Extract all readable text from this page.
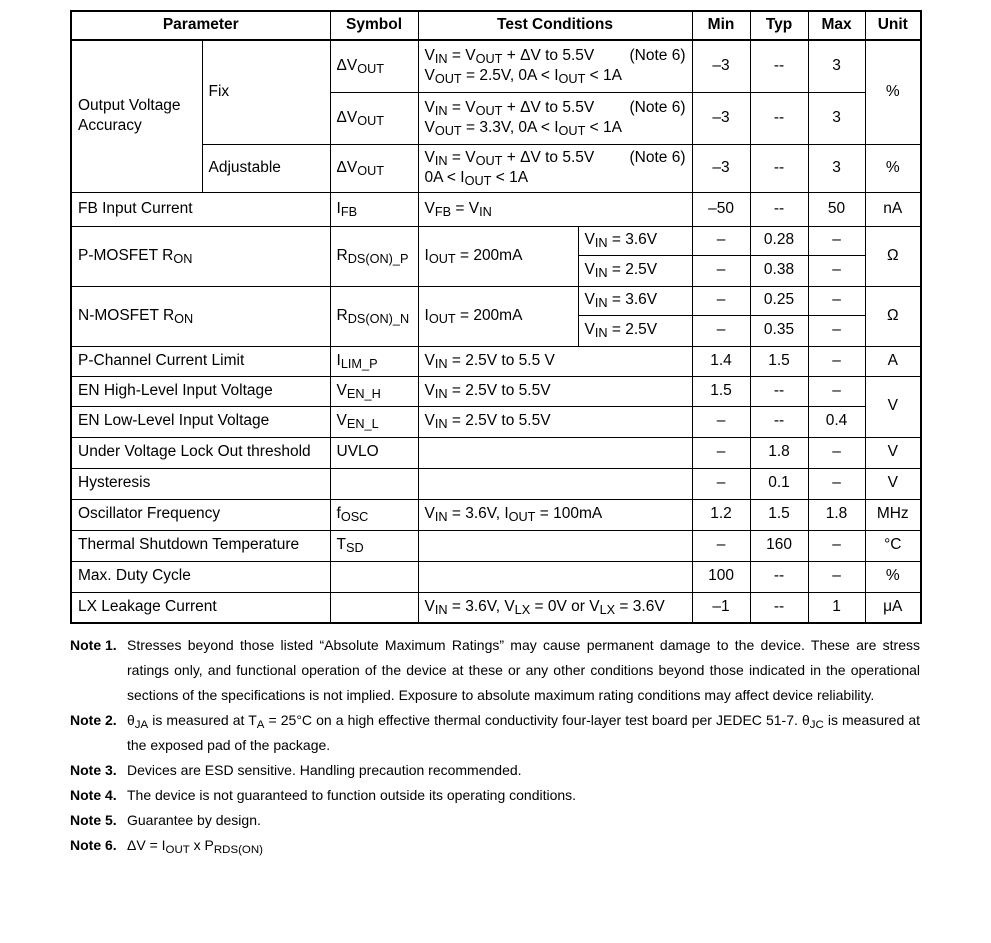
Parameter		Symbol	Test Conditions		Min	Typ	Max	Unit
Output Voltage Accuracy	Fix	$\Delta V_{OUT}$	$V_{IN} = V_{OUT} + \Delta V$ to 5.5V (Note 6)
$V_{OUT} = 2.5V$, $0A < I_{OUT} < 1A$		–3	--	3	%
		$\Delta V_{OUT}$	$V_{IN} = V_{OUT} + \Delta V$ to 5.5V (Note 6)
$V_{OUT} = 3.3V$, $0A < I_{OUT} < 1A$		–3	--	3	
	Adjustable	$\Delta V_{OUT}$	$V_{IN} = V_{OUT} + \Delta V$ to 5.5V (Note 6)
$0A < I_{OUT} < 1A$		–3	--	3	%
FB Input Current		$I_{FB}$	$V_{FB} = V_{IN}$		–50	--	50	nA
P-MOSFET $R_{ON}$		$R_{DS(ON)\_P}$	$I_{OUT} = 200mA$	$V_{IN} = 3.6V$	–	0.28	–	Ω
				$V_{IN} = 2.5V$	–	0.38	–	
N-MOSFET $R_{ON}$		$R_{DS(ON)\_N}$	$I_{OUT} = 200mA$	$V_{IN} = 3.6V$	–	0.25	–	Ω
				$V_{IN} = 2.5V$	–	0.35	–	
P-Channel Current Limit		$I_{LIM\_P}$	$V_{IN} = 2.5V$ to 5.5 V		1.4	1.5	–	A
EN High-Level Input Voltage		$V_{EN\_H}$	$V_{IN} = 2.5V$ to 5.5V		1.5	--	–	V
EN Low-Level Input Voltage		$V_{EN\_L}$	$V_{IN} = 2.5V$ to 5.5V		–	--	0.4	
Under Voltage Lock Out threshold		UVLO			–	1.8	–	V
Hysteresis					–	0.1	–	V
Oscillator Frequency		$f_{OSC}$	$V_{IN} = 3.6V$, $I_{OUT} = 100mA$		1.2	1.5	1.8	MHz
Thermal Shutdown Temperature		$T_{SD}$			–	160	–	°C
Max. Duty Cycle					100	--	–	%
LX Leakage Current			$V_{IN} = 3.6V$, $V_{LX} = 0V$ or $V_{LX} = 3.6V$		–1	--	1	μA
Note 1. Stresses beyond those listed “Absolute Maximum Ratings” may cause permanent damage to the device. These are stress ratings only, and functional operation of the device at these or any other conditions beyond those indicated in the operational sections of the specifications is not implied. Exposure to absolute maximum rating conditions may affect device reliability.
Note 2. $\theta_{JA}$ is measured at $T_A = 25^\circ C$ on a high effective thermal conductivity four-layer test board per JEDEC 51-7. $\theta_{JC}$ is measured at the exposed pad of the package.
Note 3. Devices are ESD sensitive. Handling precaution recommended.
Note 4. The device is not guaranteed to function outside its operating conditions.
Note 5. Guarantee by design.
Note 6. $\Delta V = I_{OUT}$ x $P_{RDS(ON)}$
